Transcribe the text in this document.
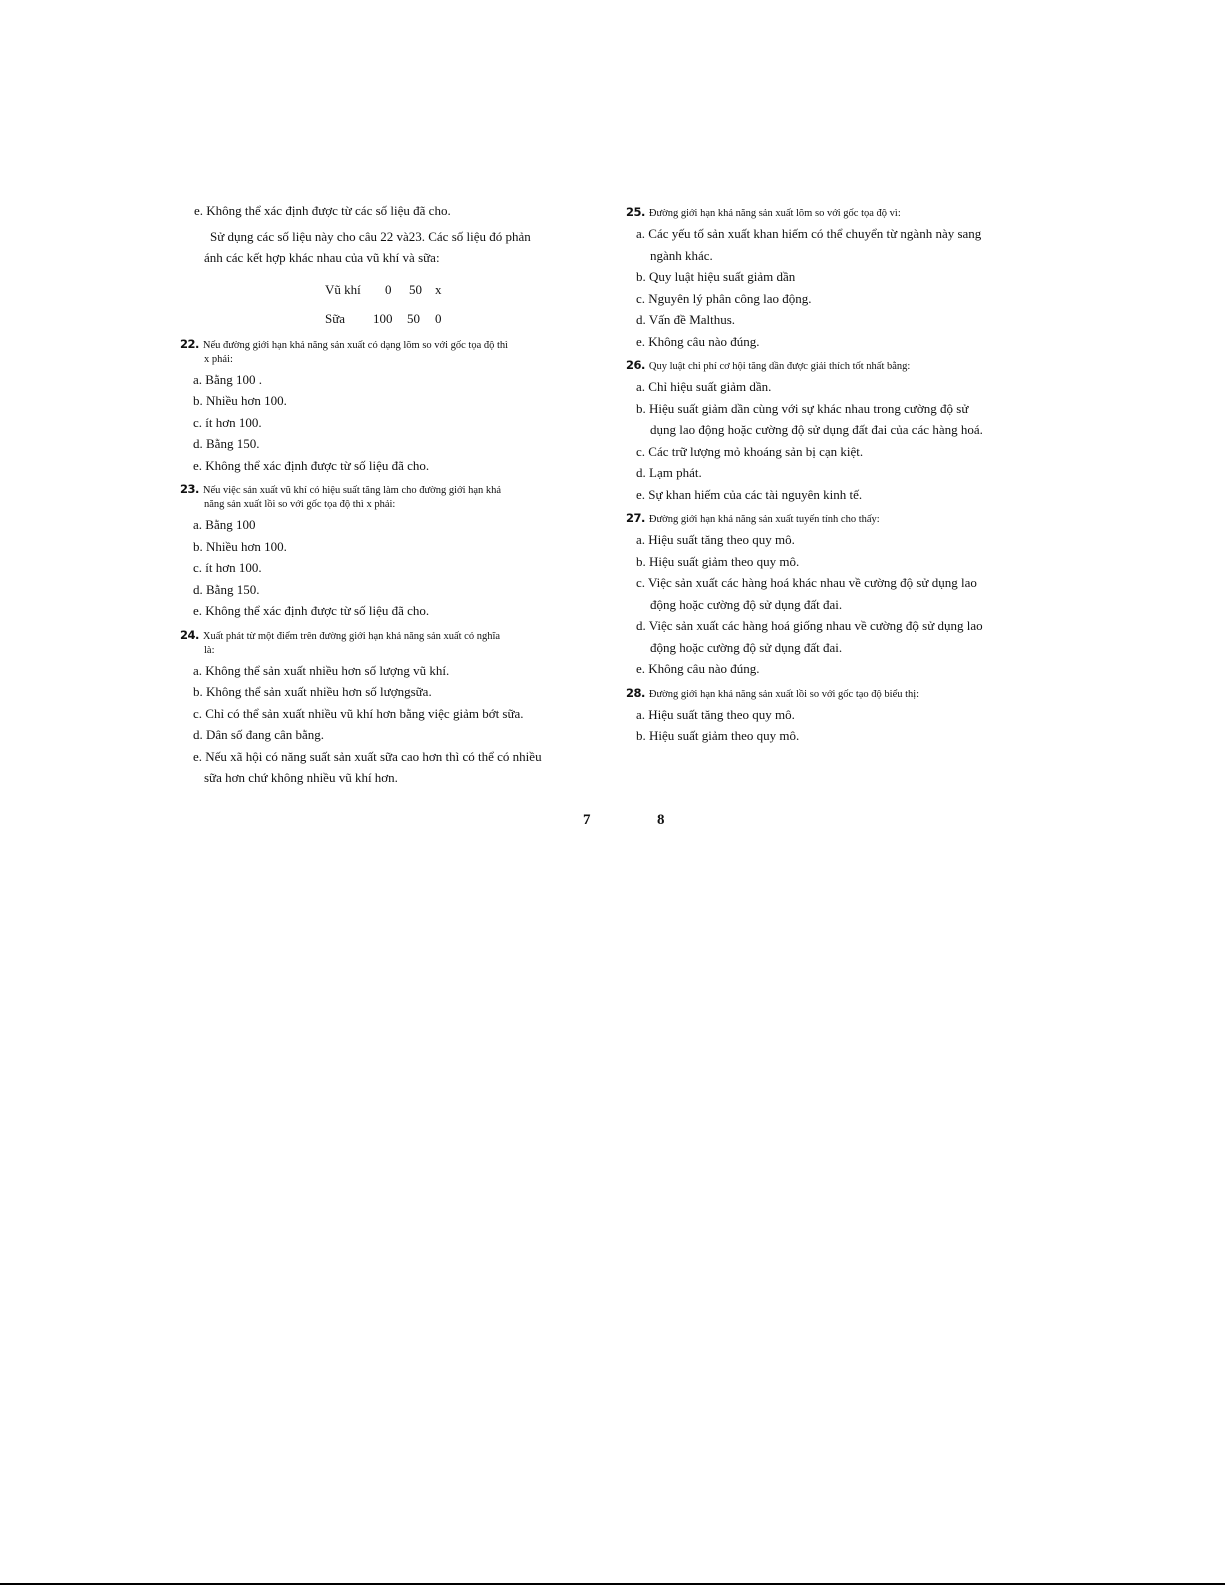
e. Không thể xác định được từ các số liệu đã cho.
Sử dụng các số liệu này cho câu 22 và23. Các số liệu đó phản
ánh các kết hợp khác nhau của vũ khí và sữa:
Vũ khí 0 50 x
Sữa 100 50 0
22. Nếu đường giới hạn khả năng sản xuất có dạng lõm so với gốc tọa độ thì
x phải:
a. Bằng 100 .
b. Nhiều hơn 100.
c. ít hơn 100.
d. Bằng 150.
e. Không thể xác định được từ số liệu đã cho.
23. Nếu việc sản xuất vũ khí có hiệu suất tăng làm cho đường giới hạn khả
năng sản xuất lồi so với gốc tọa độ thì x phải:
a. Bằng 100
b. Nhiều hơn 100.
c. ít hơn 100.
d. Bằng 150.
e. Không thể xác định được từ số liệu đã cho.
24. Xuất phát từ một điểm trên đường giới hạn khả năng sản xuất có nghĩa
là:
a. Không thể sản xuất nhiều hơn số lượng vũ khí.
b. Không thể sản xuất nhiều hơn số lượngsữa.
c. Chỉ có thể sản xuất nhiều vũ khí hơn bằng việc giảm bớt sữa.
d. Dân số đang cân bằng.
e. Nếu xã hội có năng suất sản xuất sữa cao hơn thì có thể có nhiều
sữa hơn chứ không nhiều vũ khí hơn.
25. Đường giới hạn khả năng sản xuất lõm so với gốc tọa độ vì:
a. Các yếu tố sản xuất khan hiếm có thể chuyển từ ngành này sang
ngành khác.
b. Quy luật hiệu suất giảm dần
c. Nguyên lý phân công lao động.
d. Vấn đề Malthus.
e. Không câu nào đúng.
26. Quy luật chi phí cơ hội tăng dần được giải thích tốt nhất bằng:
a. Chỉ hiệu suất giảm dần.
b. Hiệu suất giảm dần cùng với sự khác nhau trong cường độ sử
dụng lao động hoặc cường độ sử dụng đất đai của các hàng hoá.
c. Các trữ lượng mỏ khoáng sản bị cạn kiệt.
d. Lạm phát.
e. Sự khan hiếm của các tài nguyên kinh tế.
27. Đường giới hạn khả năng sản xuất tuyến tính cho thấy:
a. Hiệu suất tăng theo quy mô.
b. Hiệu suất giảm theo quy mô.
c. Việc sản xuất các hàng hoá khác nhau về cường độ sử dụng lao
động hoặc cường độ sử dụng đất đai.
d. Việc sản xuất các hàng hoá giống nhau về cường độ sử dụng lao
động hoặc cường độ sử dụng đất đai.
e. Không câu nào đúng.
28. Đường giới hạn khả năng sản xuất lồi so với gốc tạo độ biểu thị:
a. Hiệu suất tăng theo quy mô.
b. Hiệu suất giảm theo quy mô.
7	8
